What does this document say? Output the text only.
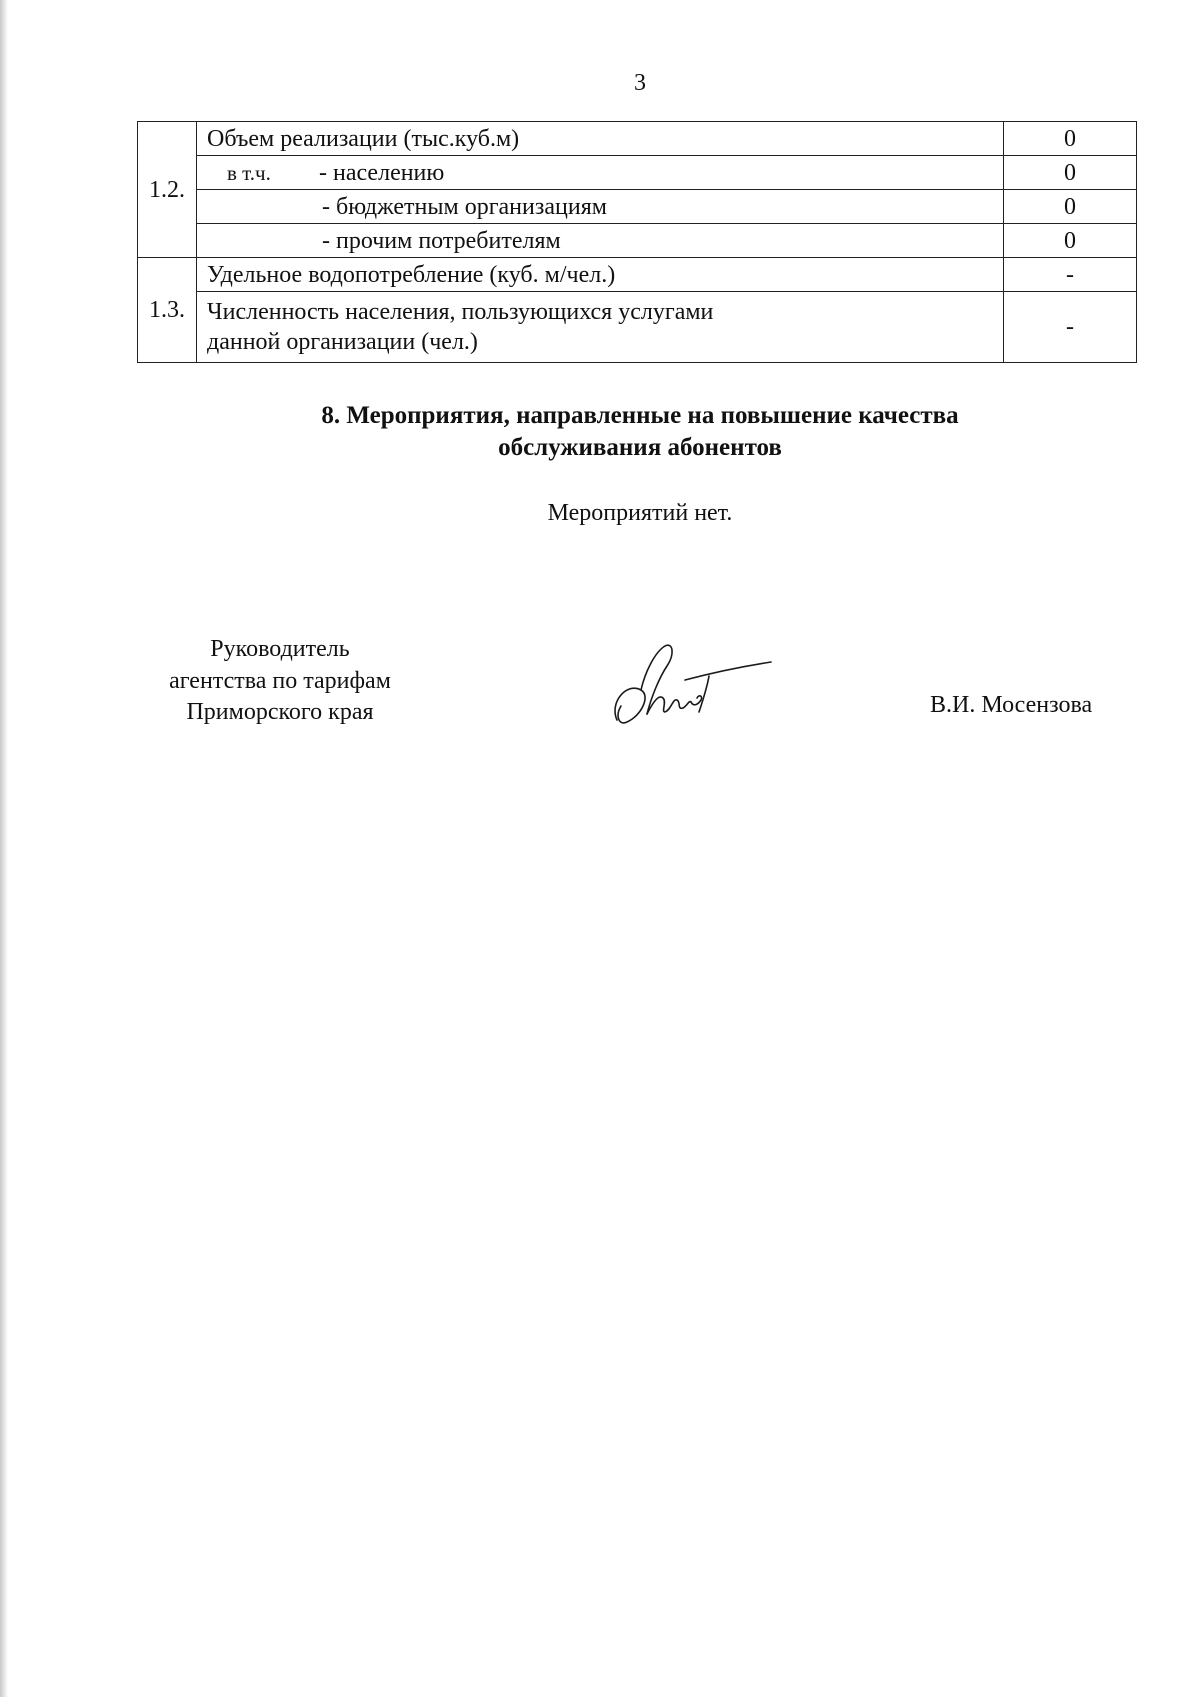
3
1.2.	Объем реализации (тыс.куб.м)	0
	в т.ч. - населению	0
	- бюджетным организациям	0
	- прочим потребителям	0
1.3.	Удельное водопотребление (куб. м/чел.)	-
	Численность населения, пользующихся услугами
данной организации (чел.)	-
8. Мероприятия, направленные на повышение качества
обслуживания абонентов
Мероприятий нет.
Руководитель
агентства по тарифам
Приморского края	В.И. Мосензова
